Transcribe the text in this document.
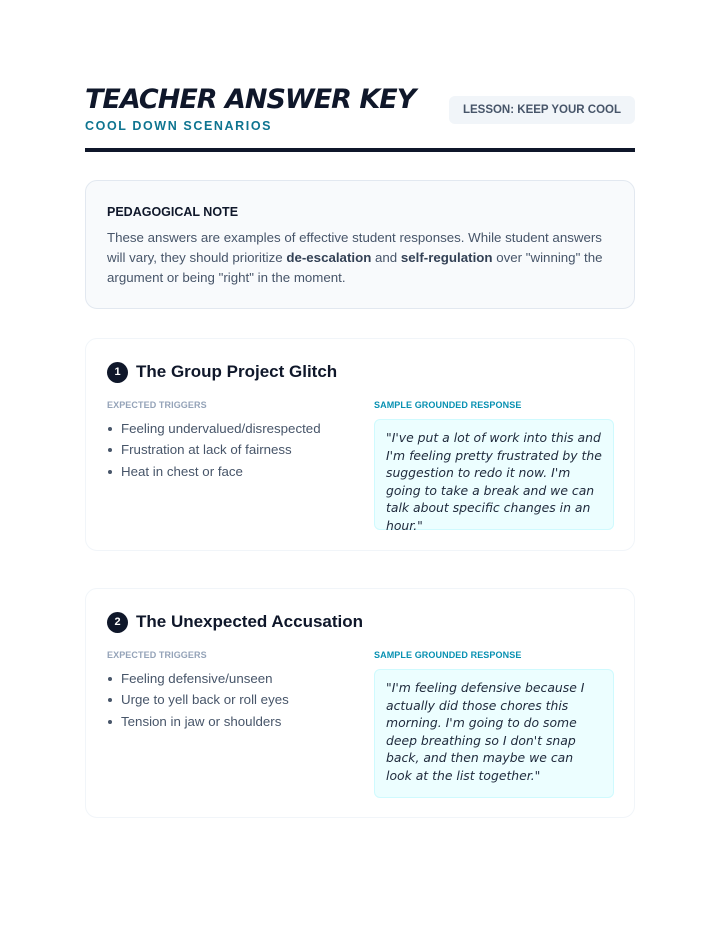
TEACHER ANSWER KEY
COOL DOWN SCENARIOS
LESSON: KEEP YOUR COOL
PEDAGOGICAL NOTE

These answers are examples of effective student responses. While student answers will vary, they should prioritize de-escalation and self-regulation over "winning" the argument or being "right" in the moment.

1 The Group Project Glitch
EXPECTED TRIGGERS	SAMPLE GROUNDED RESPONSE
Feeling undervalued/disrespected
Frustration at lack of fairness
Heat in chest or face
"I've put a lot of work into this and I'm feeling pretty frustrated by the suggestion to redo it now. I'm going to take a break and we can talk about specific changes in an hour."
2 The Unexpected Accusation
EXPECTED TRIGGERS	SAMPLE GROUNDED RESPONSE
Feeling defensive/unseen
Urge to yell back or roll eyes
Tension in jaw or shoulders
"I'm feeling defensive because I actually did those chores this morning. I'm going to do some deep breathing so I don't snap back, and then maybe we can look at the list together."
